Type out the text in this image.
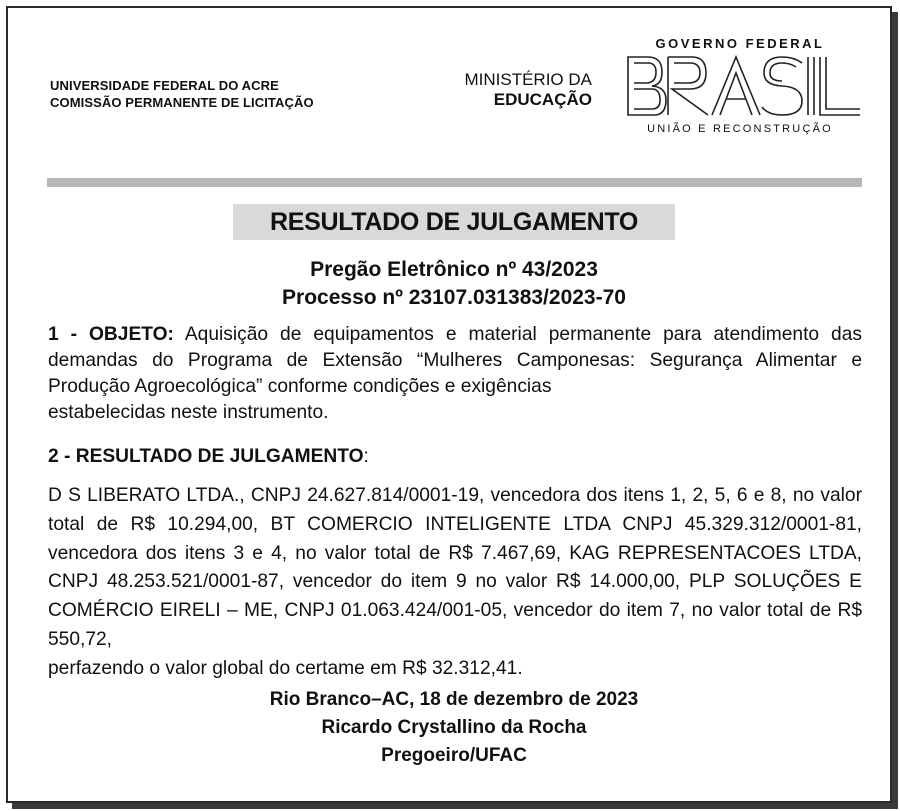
UNIVERSIDADE FEDERAL DO ACRE
COMISSÃO PERMANENTE DE LICITAÇÃO
MINISTÉRIO DA
EDUCAÇÃO
GOVERNO FEDERAL
UNIÃO E RECONSTRUÇÃO
RESULTADO DE JULGAMENTO
Pregão Eletrônico nº 43/2023
Processo nº 23107.031383/2023-70
1 - OBJETO: Aquisição de equipamentos e material permanente para atendimento das demandas do Programa de Extensão “Mulheres Camponesas: Segurança Alimentar e Produção Agroecológica” conforme condições e exigências
estabelecidas neste instrumento.
2 - RESULTADO DE JULGAMENTO:
D S LIBERATO LTDA., CNPJ 24.627.814/0001-19, vencedora dos itens 1, 2, 5, 6 e 8, no valor total de R$ 10.294,00, BT COMERCIO INTELIGENTE LTDA CNPJ 45.329.312/0001-81, vencedora dos itens 3 e 4, no valor total de R$ 7.467,69, KAG REPRESENTACOES LTDA, CNPJ 48.253.521/0001-87, vencedor do item 9 no valor R$ 14.000,00, PLP SOLUÇÕES E COMÉRCIO EIRELI – ME, CNPJ 01.063.424/001-05, vencedor do item 7, no valor total de R$ 550,72,
perfazendo o valor global do certame em R$ 32.312,41.
Rio Branco–AC, 18 de dezembro de 2023
Ricardo Crystallino da Rocha
Pregoeiro/UFAC
